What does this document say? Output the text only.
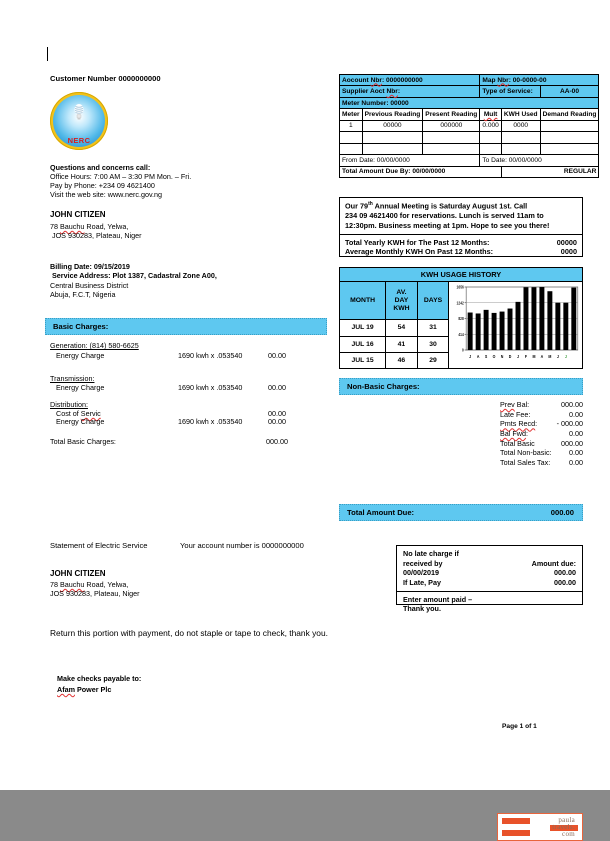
Customer Number 0000000000
NERC
Questions and concerns call:
Office Hours: 7:00 AM – 3:30 PM Mon. – Fri.
Pay by Phone: +234 09 4621400
Visit the web site: www.nerc.gov.ng
JOHN CITIZEN
78 Bauchu Road, Yelwa,
JOS 930283, Plateau, Niger
Billing Date: 09/15/2019
Service Address: Plot 1387, Cadastral Zone A00,
Central Business District
Abuja, F.C.T, Nigeria
Basic Charges:
Generation: (814) 580-6625
Energy Charge	1690 kwh x .053540	00.00
Transmission:
Energy Charge	1690 kwh x .053540	00.00
Distribution:
Cost of Servic	00.00
Energy Charge	1690 kwh x .053540	00.00
Total Basic Charges:	000.00
Aocount Nbr: 0000000000			Map Nbr: 00-0000-00		
Supplier Aoct Nbr:			Type of Service:		AA-00
Meter Number: 00000					
Meter	Previous Reading	Present Reading	Mult	KWH Used	Demand Reading
1	00000	000000	0.000	0000	

From Date: 00/00/0000			To Date: 00/00/0000		
Total Amount Due By: 00/00/0000				REGULAR	
Our 79th Annual Meeting is Saturday August 1st. Call
234 09 4621400 for reservations. Lunch is served 11am to
12:30pm. Business meeting at 1pm. Hope to see you there!
Total Yearly KWH for The Past 12 Months:	00000
Average Monthly KWH On Past 12 Months:	0000
KWH USAGE HISTORY
MONTH	AV.
DAY
KWH	DAYS	
0
414
828
1242
1656
J A S O N D J F M A M J J

JUL 19	54	31	
JUL 16	41	30	
JUL 15	46	29	
Non-Basic Charges:
Prev Bal:	000.00
Late Fee:	0.00
Pmts Recd:	- 000.00
Bal Fwd:	0.00
Total Basic	000.00
Total Non-basic: 0.00
Total Sales Tax:	0.00
Total Amount Due:	000.00
No late charge if
received by	Amount due:
00/00/2019	000.00
If Late, Pay	000.00
Enter amount paid –
Thank you.
Statement of Electric Service	Your account number is 0000000000
JOHN CITIZEN
78 Bauchu Road, Yelwa,
JOS 930283, Plateau, Niger
Return this portion with payment, do not staple or tape to check, thank you.
Make checks payable to:
Afam Power Plc
Page 1 of 1
paula
travels.
com
